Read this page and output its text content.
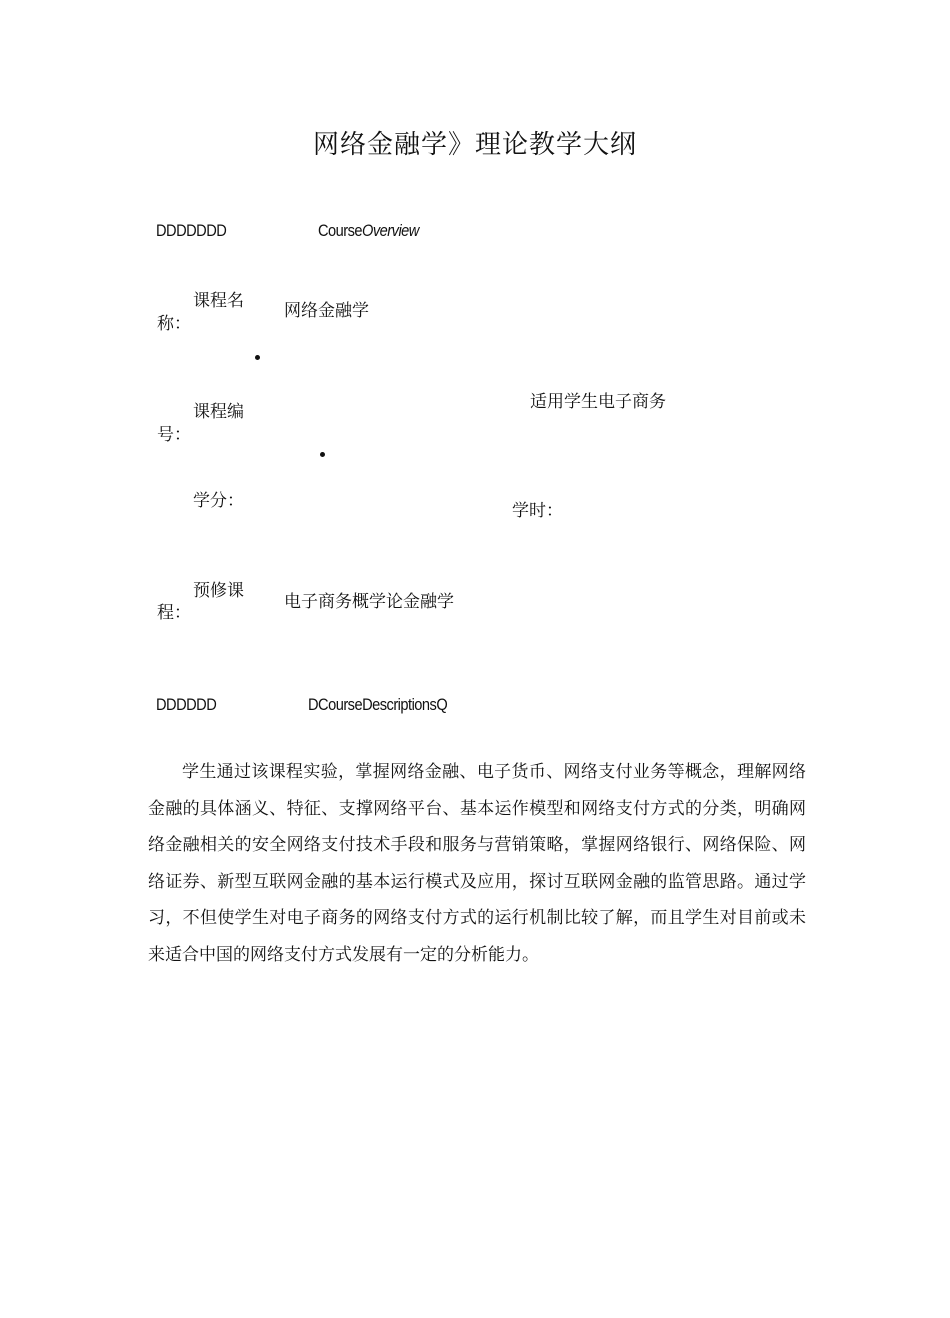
网络金融学》理论教学大纲
DDDDDDD	CourseOverview
课程名
称：
网络金融学
课程编
号：
适用学生电子商务
学分：	学时：
预修课
程：
电子商务概学论金融学
DDDDDD	DCourseDescriptionsQ
学生通过该课程实验，掌握网络金融、电子货币、网络支付业务等概念，理解网络金融的具体涵义、特征、支撑网络平台、基本运作模型和网络支付方式的分类，明确网络金融相关的安全网络支付技术手段和服务与营销策略，掌握网络银行、网络保险、网络证券、新型互联网金融的基本运行模式及应用，探讨互联网金融的监管思路。通过学习，不但使学生对电子商务的网络支付方式的运行机制比较了解，而且学生对目前或未来适合中国的网络支付方式发展有一定的分析能力。
